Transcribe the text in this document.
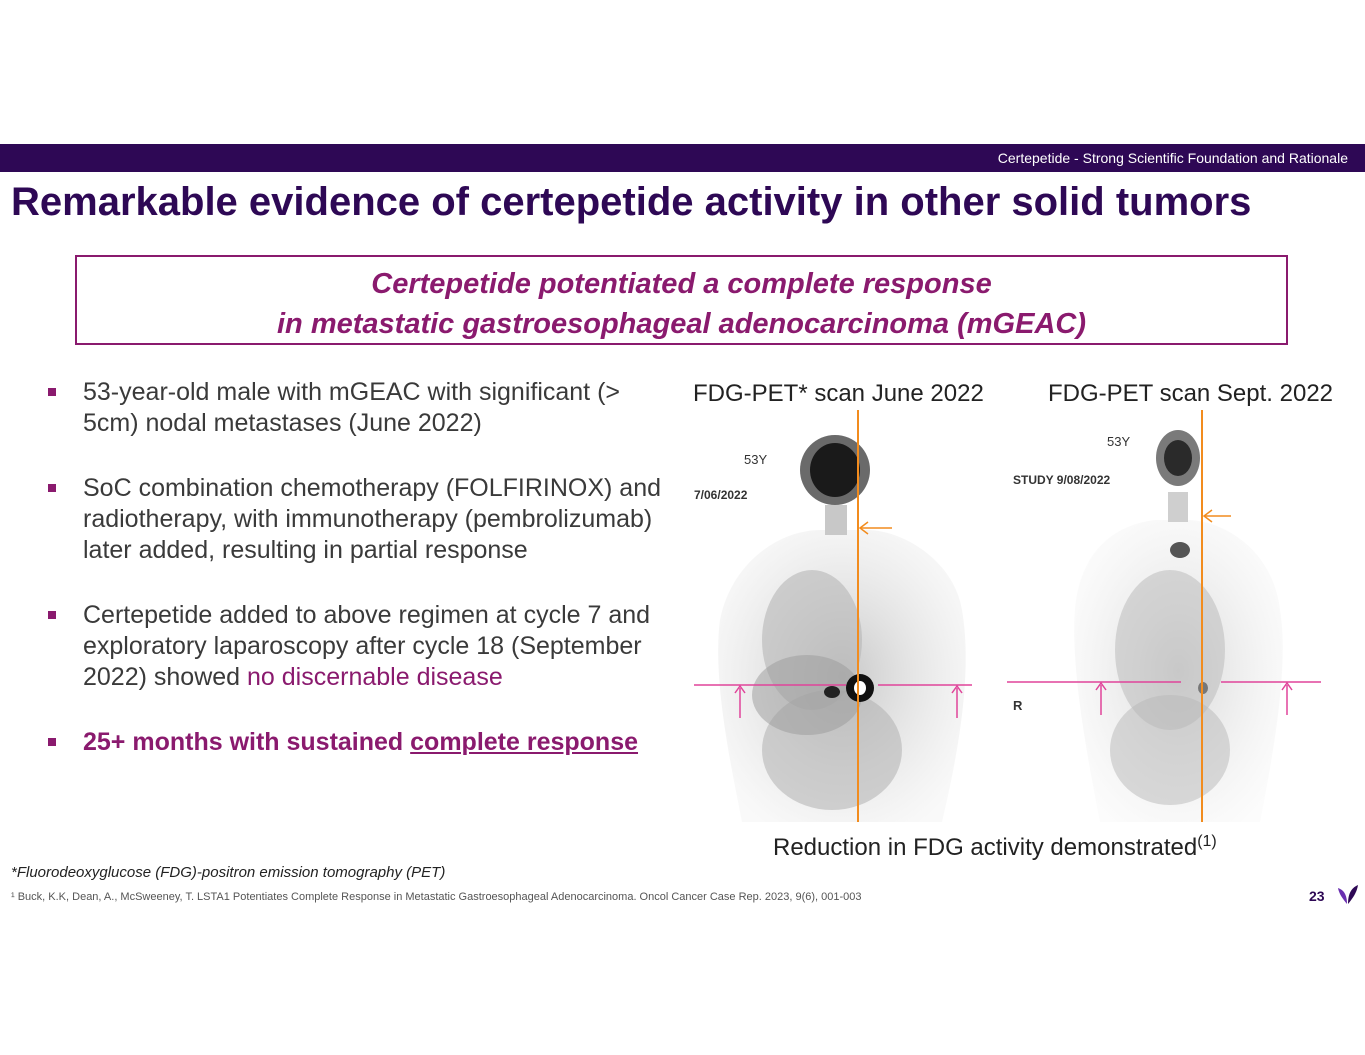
Certepetide - Strong Scientific Foundation and Rationale
Remarkable evidence of certepetide activity in other solid tumors
Certepetide potentiated a complete response
in metastatic gastroesophageal adenocarcinoma (mGEAC)
53-year-old male with mGEAC with significant (> 5cm) nodal metastases (June 2022)
SoC combination chemotherapy (FOLFIRINOX) and radiotherapy, with immunotherapy (pembrolizumab) later added, resulting in partial response
Certepetide added to above regimen at cycle 7 and exploratory laparoscopy after cycle 18 (September 2022) showed no discernable disease
25+ months with sustained complete response
FDG-PET* scan June 2022	FDG-PET scan Sept. 2022
53Y
7/06/2022
53Y
STUDY 9/08/2022
R
Reduction in FDG activity demonstrated$^{(1)}$
*Fluorodeoxyglucose (FDG)-positron emission tomography (PET)
¹ Buck, K.K, Dean, A., McSweeney, T. LSTA1 Potentiates Complete Response in Metastatic Gastroesophageal Adenocarcinoma. Oncol Cancer Case Rep. 2023, 9(6), 001-003	23
